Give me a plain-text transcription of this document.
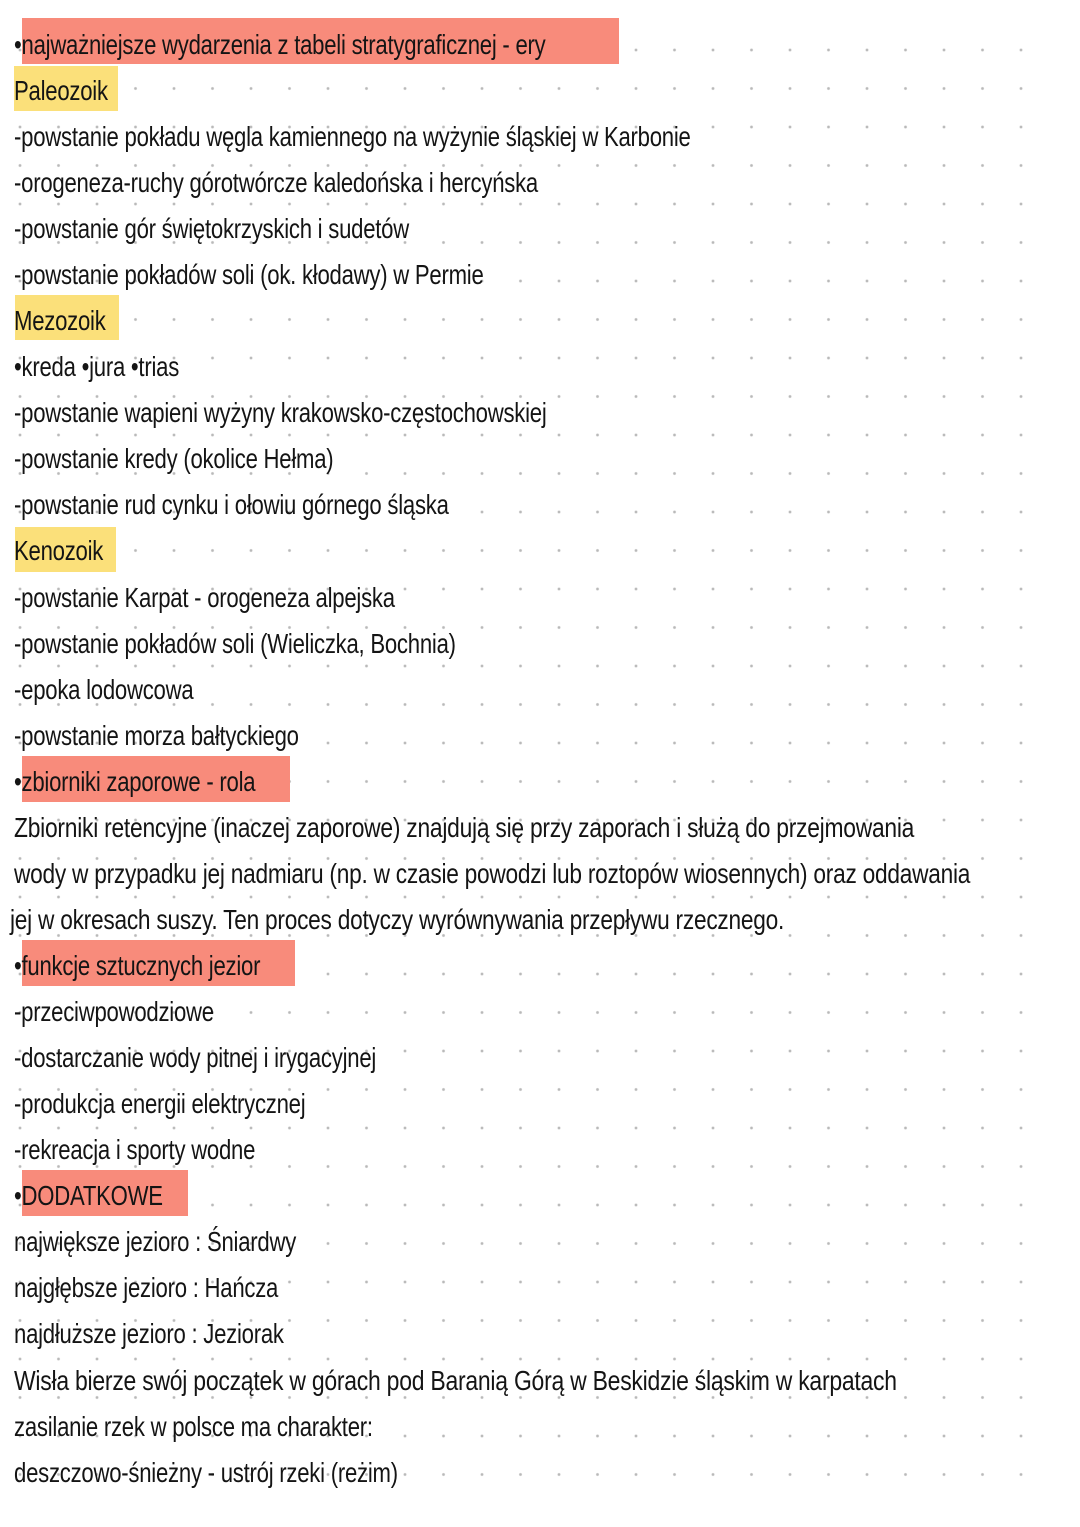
•najważniejsze wydarzenia z tabeli stratygraficznej - ery
Paleozoik
-powstanie pokładu węgla kamiennego na wyżynie śląskiej w Karbonie
-orogeneza-ruchy górotwórcze kaledońska i hercyńska
-powstanie gór świętokrzyskich i sudetów
-powstanie pokładów soli (ok. kłodawy) w Permie
Mezozoik
•kreda •jura •trias
-powstanie wapieni wyżyny krakowsko-częstochowskiej
-powstanie kredy (okolice Hełma)
-powstanie rud cynku i ołowiu górnego śląska
Kenozoik
-powstanie Karpat - orogeneza alpejska
-powstanie pokładów soli (Wieliczka, Bochnia)
-epoka lodowcowa
-powstanie morza bałtyckiego
•zbiorniki zaporowe - rola
Zbiorniki retencyjne (inaczej zaporowe) znajdują się przy zaporach i służą do przejmowania
wody w przypadku jej nadmiaru (np. w czasie powodzi lub roztopów wiosennych) oraz oddawania
jej w okresach suszy. Ten proces dotyczy wyrównywania przepływu rzecznego.
•funkcje sztucznych jezior
-przeciwpowodziowe
-dostarczanie wody pitnej i irygacyjnej
-produkcja energii elektrycznej
-rekreacja i sporty wodne
•DODATKOWE
największe jezioro : Śniardwy
najgłębsze jezioro : Hańcza
najdłuższe jezioro : Jeziorak
Wisła bierze swój początek w górach pod Baranią Górą w Beskidzie śląskim w karpatach
zasilanie rzek w polsce ma charakter:
deszczowo-śnieżny - ustrój rzeki (reżim)
